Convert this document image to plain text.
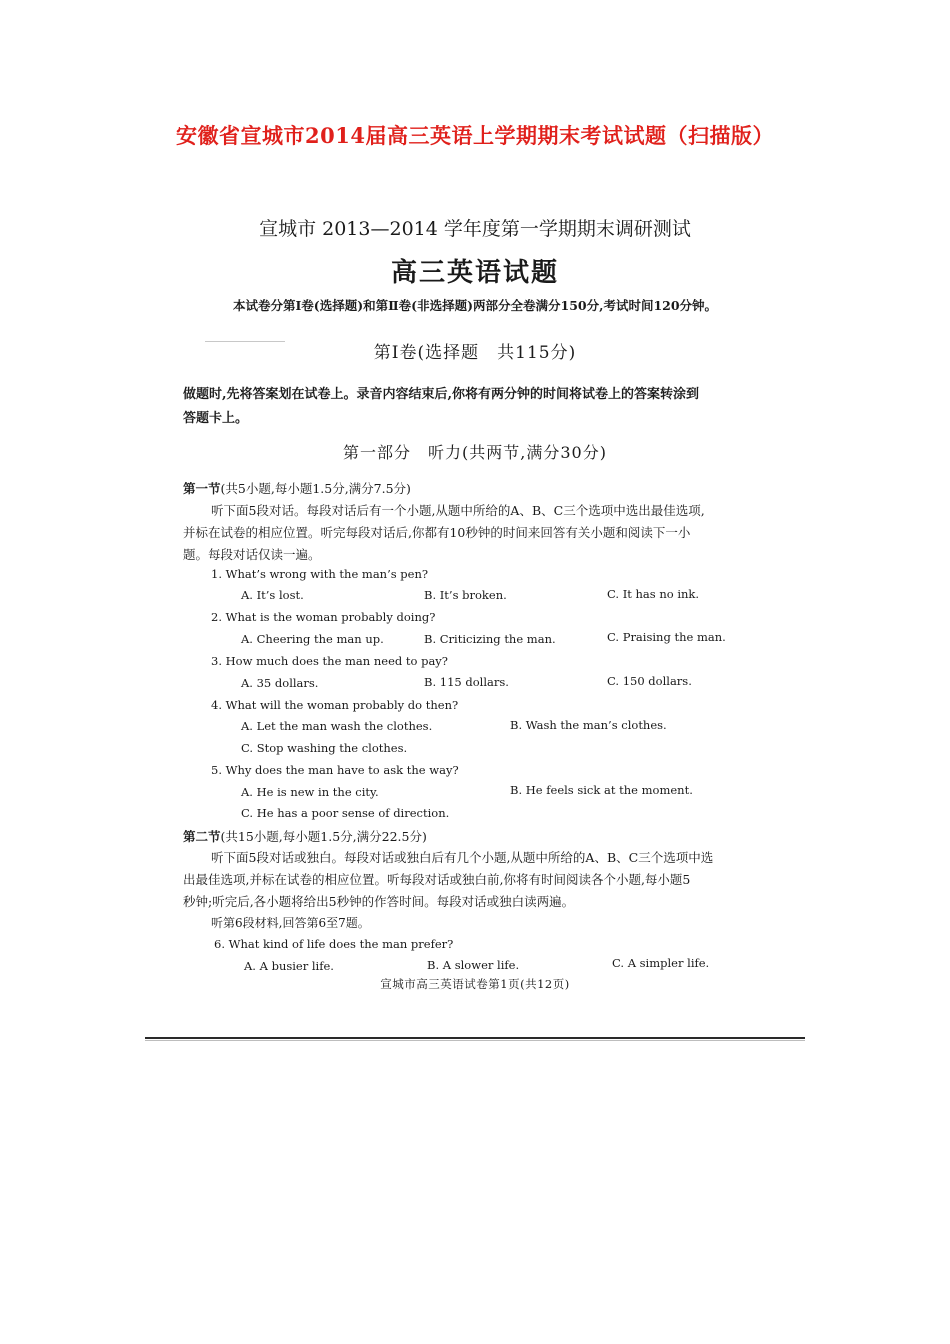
安徽省宣城市2014届高三英语上学期期末考试试题（扫描版）
宣城市 2013—2014 学年度第一学期期末调研测试
高三英语试题
本试卷分第Ⅰ卷(选择题)和第Ⅱ卷(非选择题)两部分全卷满分150分,考试时间120分钟。
第Ⅰ卷(选择题　共115分)
做题时,先将答案划在试卷上。录音内容结束后,你将有两分钟的时间将试卷上的答案转涂到
答题卡上。
第一部分　听力(共两节,满分30分)
第一节(共5小题,每小题1.5分,满分7.5分)
听下面5段对话。每段对话后有一个小题,从题中所给的A、B、C三个选项中选出最佳选项,
并标在试卷的相应位置。听完每段对话后,你都有10秒钟的时间来回答有关小题和阅读下一小
题。每段对话仅读一遍。
1. What’s wrong with the man’s pen?
A. It’s lost.	B. It’s broken.	C. It has no ink.
2. What is the woman probably doing?
A. Cheering the man up.	B. Criticizing the man.	C. Praising the man.
3. How much does the man need to pay?
A. 35 dollars.	B. 115 dollars.	C. 150 dollars.
4. What will the woman probably do then?
A. Let the man wash the clothes.	B. Wash the man’s clothes.
C. Stop washing the clothes.
5. Why does the man have to ask the way?
A. He is new in the city.	B. He feels sick at the moment.
C. He has a poor sense of direction.
第二节(共15小题,每小题1.5分,满分22.5分)
听下面5段对话或独白。每段对话或独白后有几个小题,从题中所给的A、B、C三个选项中选
出最佳选项,并标在试卷的相应位置。听每段对话或独白前,你将有时间阅读各个小题,每小题5
秒钟;听完后,各小题将给出5秒钟的作答时间。每段对话或独白读两遍。
听第6段材料,回答第6至7题。
6. What kind of life does the man prefer?
A. A busier life.	B. A slower life.	C. A simpler life.
宣城市高三英语试卷第1页(共12页)
